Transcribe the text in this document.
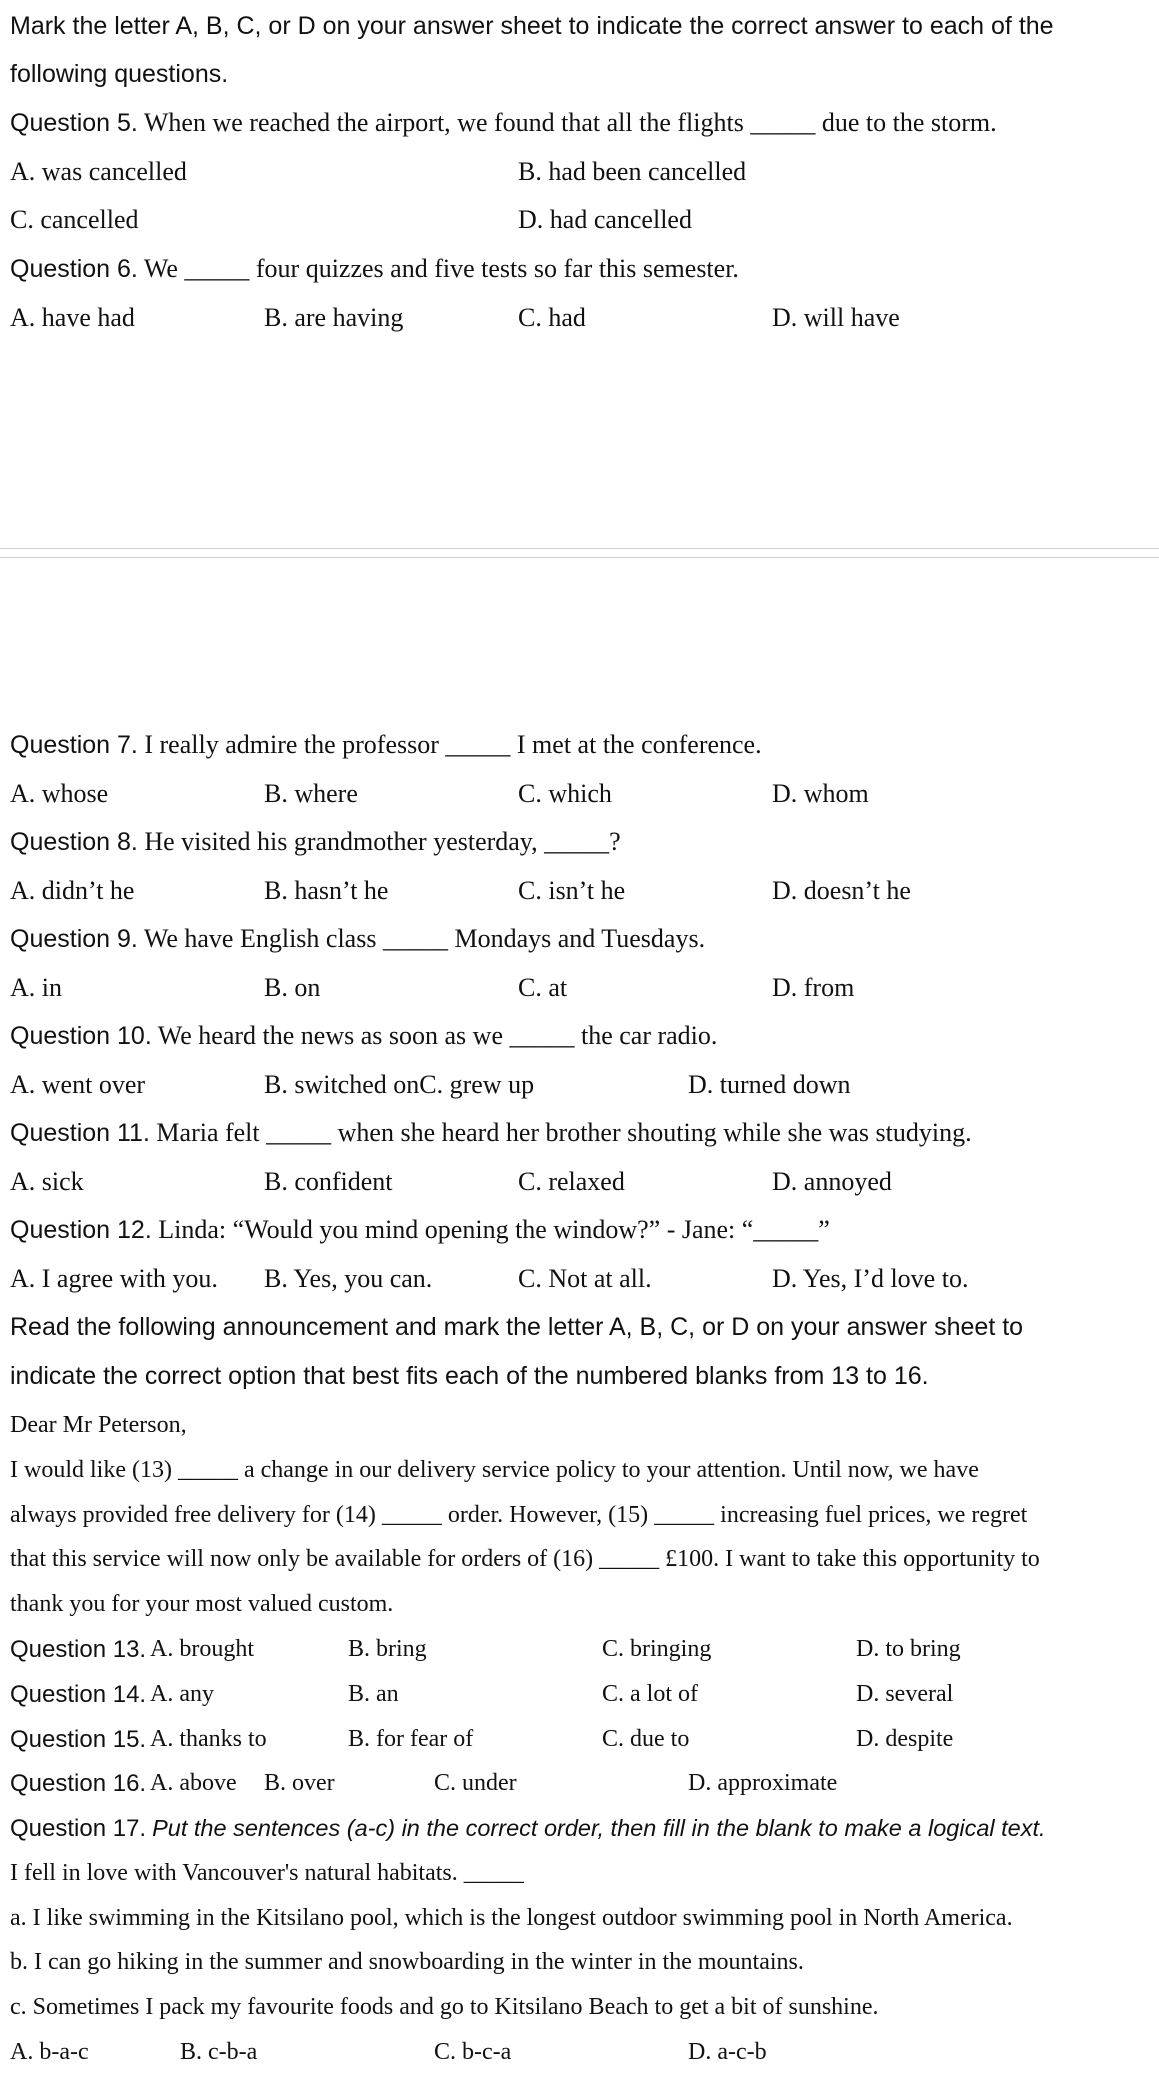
Mark the letter A, B, C, or D on your answer sheet to indicate the correct answer to each of the
following questions.
Question 5. When we reached the airport, we found that all the flights _____ due to the storm.
A. was cancelled	B. had been cancelled
C. cancelled	D. had cancelled
Question 6. We _____ four quizzes and five tests so far this semester.
A. have had	B. are having	C. had	D. will have
Question 7. I really admire the professor _____ I met at the conference.
A. whose	B. where	C. which	D. whom
Question 8. He visited his grandmother yesterday, _____?
A. didn’t he	B. hasn’t he	C. isn’t he	D. doesn’t he
Question 9. We have English class _____ Mondays and Tuesdays.
A. in	B. on	C. at	D. from
Question 10. We heard the news as soon as we _____ the car radio.
A. went over	B. switched onC. grew up	D. turned down
Question 11. Maria felt _____ when she heard her brother shouting while she was studying.
A. sick	B. confident	C. relaxed	D. annoyed
Question 12. Linda: “Would you mind opening the window?” - Jane: “_____”
A. I agree with you. B. Yes, you can.	C. Not at all.	D. Yes, I’d love to.
Read the following announcement and mark the letter A, B, C, or D on your answer sheet to
indicate the correct option that best fits each of the numbered blanks from 13 to 16.
Dear Mr Peterson,
I would like (13) _____ a change in our delivery service policy to your attention. Until now, we have
always provided free delivery for (14) _____ order. However, (15) _____ increasing fuel prices, we regret
that this service will now only be available for orders of (16) _____ £100. I want to take this opportunity to
thank you for your most valued custom.
Question 13. A. brought	B. bring	C. bringing	D. to bring
Question 14. A. any	B. an	C. a lot of	D. several
Question 15. A. thanks to	B. for fear of	C. due to	D. despite
Question 16. A. above B. over	C. under	D. approximate
Question 17. Put the sentences (a-c) in the correct order, then fill in the blank to make a logical text.
I fell in love with Vancouver's natural habitats. _____
a. I like swimming in the Kitsilano pool, which is the longest outdoor swimming pool in North America.
b. I can go hiking in the summer and snowboarding in the winter in the mountains.
c. Sometimes I pack my favourite foods and go to Kitsilano Beach to get a bit of sunshine.
A. b-a-c	B. c-b-a	C. b-c-a	D. a-c-b
